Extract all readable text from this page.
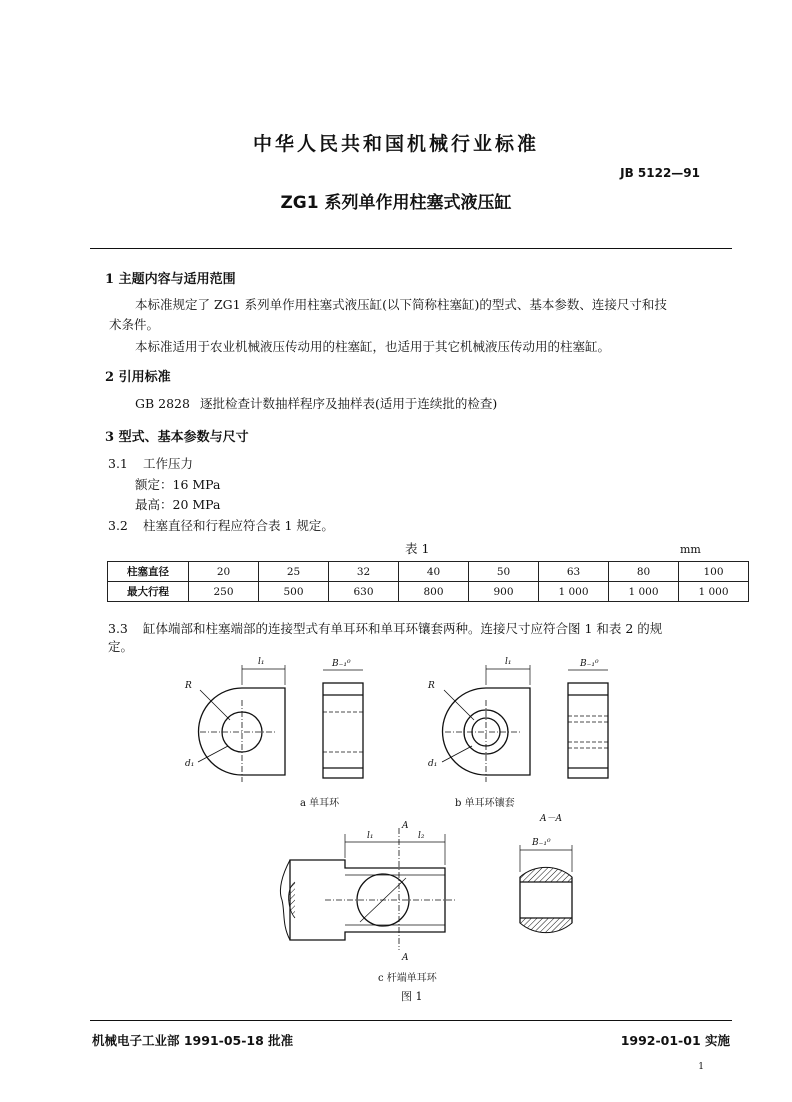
中华人民共和国机械行业标准
JB 5122—91
ZG1 系列单作用柱塞式液压缸
1 主题内容与适用范围
本标准规定了 ZG1 系列单作用柱塞式液压缸(以下简称柱塞缸)的型式、基本参数、连接尺寸和技
术条件。
本标准适用于农业机械液压传动用的柱塞缸，也适用于其它机械液压传动用的柱塞缸。
2 引用标准
GB 2828 逐批检查计数抽样程序及抽样表(适用于连续批的检查)
3 型式、基本参数与尺寸
3.1 工作压力
额定：16 MPa
最高：20 MPa
3.2 柱塞直径和行程应符合表 1 规定。
表 1	mm
柱塞直径	20	25	32	40	50	63	80	100
最大行程	250	500	630	800	900	1 000	1 000	1 000
3.3 缸体端部和柱塞端部的连接型式有单耳环和单耳环镶套两种。连接尺寸应符合图 1 和表 2 的规
定。
l₁
R
d₁
B₋₁⁰	l₁
R
d₁
B₋₁⁰
a 单耳环	b 单耳环镶套
A－A
l₁	l₂
A
A
B₋₁⁰
c 杆端单耳环
图 1
机械电子工业部 1991-05-18 批准	1992-01-01 实施
1
